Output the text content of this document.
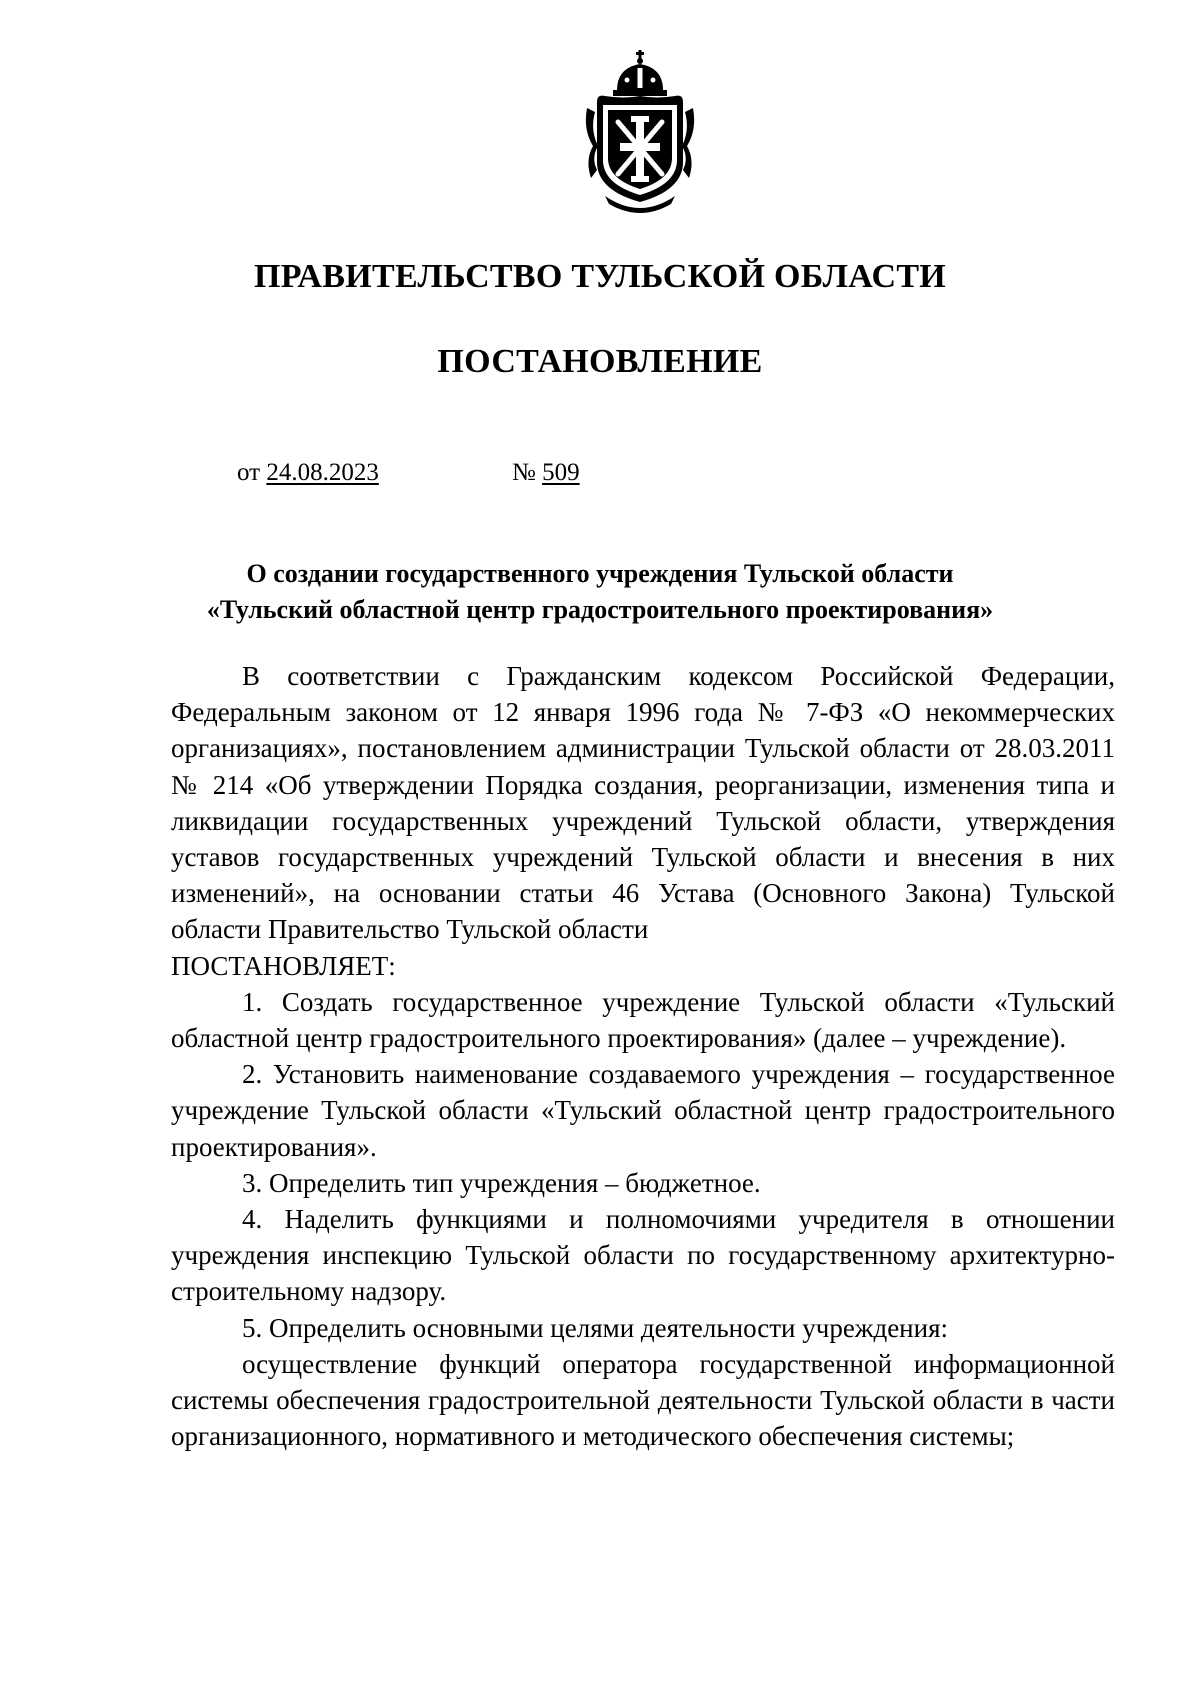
ПРАВИТЕЛЬСТВО ТУЛЬСКОЙ ОБЛАСТИ
ПОСТАНОВЛЕНИЕ
от 24.08.2023	№ 509
О создании государственного учреждения Тульской области
«Тульский областной центр градостроительного проектирования»

В соответствии с Гражданским кодексом Российской Федерации, Федеральным законом от 12 января 1996 года № 7-ФЗ «О некоммерческих организациях», постановлением администрации Тульской области от 28.03.2011 № 214 «Об утверждении Порядка создания, реорганизации, изменения типа и ликвидации государственных учреждений Тульской области, утверждения уставов государственных учреждений Тульской области и внесения в них изменений», на основании статьи 46 Устава (Основного Закона) Тульской области Правительство Тульской области

ПОСТАНОВЛЯЕТ:

1. Создать государственное учреждение Тульской области «Тульский областной центр градостроительного проектирования» (далее – учреждение).

2. Установить наименование создаваемого учреждения – государственное учреждение Тульской области «Тульский областной центр градостроительного проектирования».

3. Определить тип учреждения – бюджетное.

4. Наделить функциями и полномочиями учредителя в отношении учреждения инспекцию Тульской области по государственному архитектурно-строительному надзору.

5. Определить основными целями деятельности учреждения:

осуществление функций оператора государственной информационной системы обеспечения градостроительной деятельности Тульской области в части организационного, нормативного и методического обеспечения системы;
